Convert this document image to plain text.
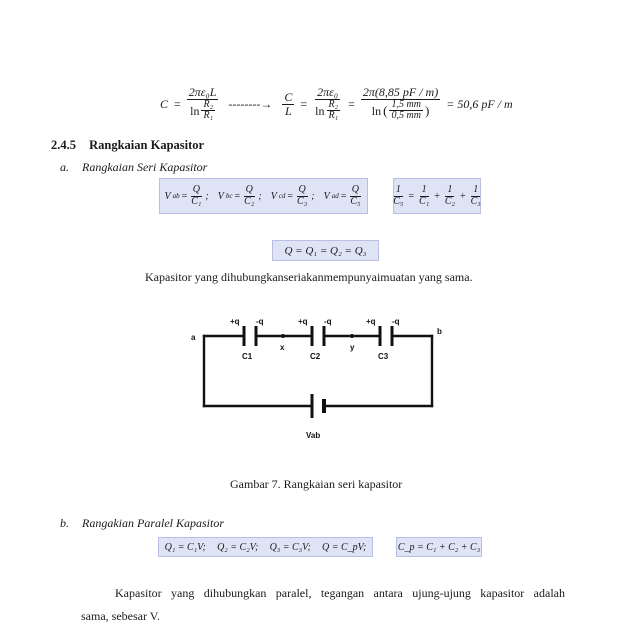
$C = \frac{\text{2πε₀L}}{\ln \frac{\text{R₂}}{\text{R₁}}}$ --------→ $\frac{C}{L} = \frac{\text{2πε₀}}{\ln \frac{\text{R₂}}{\text{R₁}}} = \frac{2\pi(8,85 pF / m)}{\ln ( \frac{1,5 mm}{0,5 mm} )} = 50,6$ pF / m
2.4.5 Rangkaian Kapasitor
a. Rangkaian Seri Kapasitor
V ab = $\frac{Q}{\text{C₁}}$ ; V bc = $\frac{Q}{\text{C₂}}$ ; V cd = $\frac{Q}{\text{C₃}}$ ; V ad = $\frac{Q}{\text{C₅}}$	$\frac{1}{\text{C₅}} = \frac{1}{\text{C₁}} + \frac{1}{\text{C₂}} + \frac{1}{\text{C₃}}$
Q = Q₁ = Q₂ = Q₃
Kapasitor yang dihubungkanseriakanmempunyaimuatan yang sama.
a
b
x	y
+q -q	+q -q	+q -q
C1	C2	C3
Vab
Gambar 7. Rangkaian seri kapasitor
b. Rangakian Paralel Kapasitor
Q₁ = C₁V; Q₂ = C₂V; Q₃ = C₃V; Q = C_pV;	C_p = C₁ + C₂ + C₃
Kapasitor yang dihubungkan paralel, tegangan antara ujung-ujung kapasitor adalah
sama, sebesar V.
